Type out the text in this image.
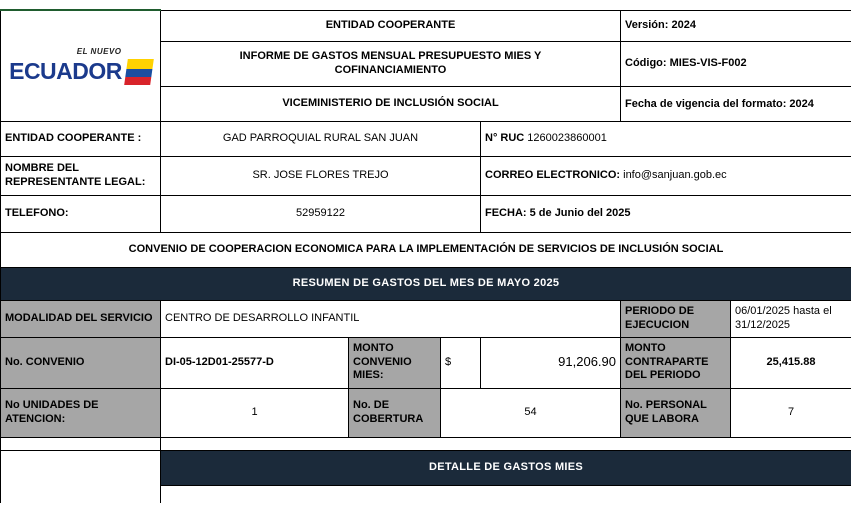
EL NUEVO
ECUADOR	ENTIDAD COOPERANTE				Versión: 2024	
	INFORME DE GASTOS MENSUAL PRESUPUESTO MIES Y COFINANCIAMIENTO				Código: MIES-VIS-F002	
	VICEMINISTERIO DE INCLUSIÓN SOCIAL				Fecha de vigencia del formato: 2024	
ENTIDAD COOPERANTE :	GAD PARROQUIAL RURAL SAN JUAN			N° RUC 1260023860001		
NOMBRE DEL REPRESENTANTE LEGAL:	SR. JOSE FLORES TREJO			CORREO ELECTRONICO: info@sanjuan.gob.ec		
TELEFONO:	52959122			FECHA: 5 de Junio del 2025		
CONVENIO DE COOPERACION ECONOMICA PARA LA IMPLEMENTACIÓN DE SERVICIOS DE INCLUSIÓN SOCIAL						
RESUMEN DE GASTOS DEL MES DE MAYO 2025						
MODALIDAD DEL SERVICIO	CENTRO DE DESARROLLO INFANTIL				PERIODO DE EJECUCION	06/01/2025 hasta el 31/12/2025
No. CONVENIO	DI-05-12D01-25577-D	MONTO CONVENIO MIES:	$	91,206.90	MONTO CONTRAPARTE DEL PERIODO	25,415.88
No UNIDADES DE ATENCION:	1	No. DE COBERTURA	54		No. PERSONAL QUE LABORA	7

	DETALLE DE GASTOS MIES					
